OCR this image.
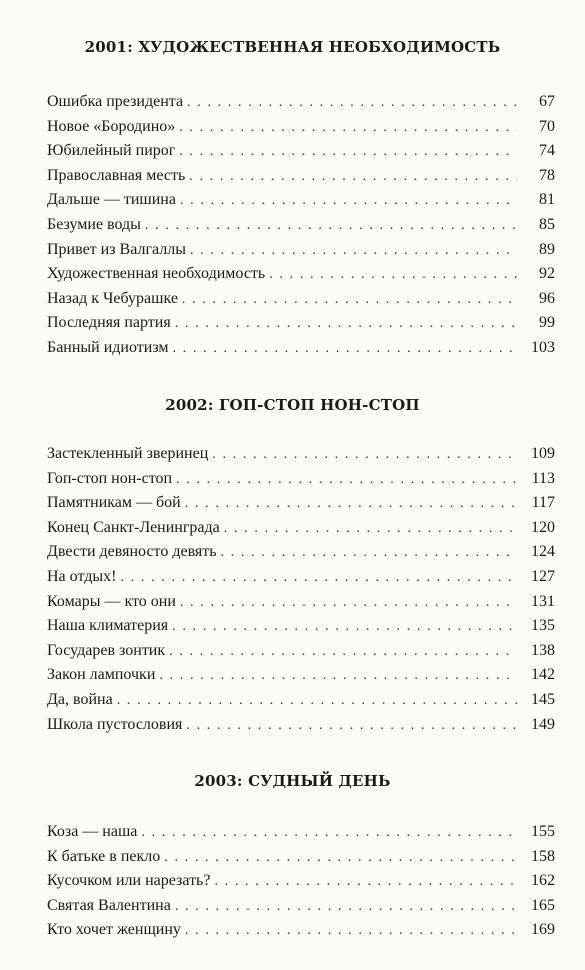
2001: ХУДОЖЕСТВЕННАЯ НЕОБХОДИМОСТЬ
Ошибка президента . . .	67
Новое «Бородино» . . .	70
Юбилейный пирог . . .	74
Православная месть . . .	78
Дальше — тишина . . .	81
Безумие воды . . .	85
Привет из Валгаллы . . .	89
Художественная необходимость . . .	92
Назад к Чебурашке . . .	96
Последняя партия . . .	99
Банный идиотизм . . .	103
2002: ГОП-СТОП НОН-СТОП
Застекленный зверинец . . .	109
Гоп-стоп нон-стоп . . .	113
Памятникам — бой . . .	117
Конец Санкт-Ленинграда . . .	120
Двести девяносто девять . . .	124
На отдых! . . .	127
Комары — кто они . . .	131
Наша климатерия . . .	135
Государев зонтик . . .	138
Закон лампочки . . .	142
Да, война . . .	145
Школа пустословия . . .	149
2003: СУДНЫЙ ДЕНЬ
Коза — наша . . .	155
К батьке в пекло . . .	158
Кусочком или нарезать? . . .	162
Святая Валентина . . .	165
Кто хочет женщину . . .	169
